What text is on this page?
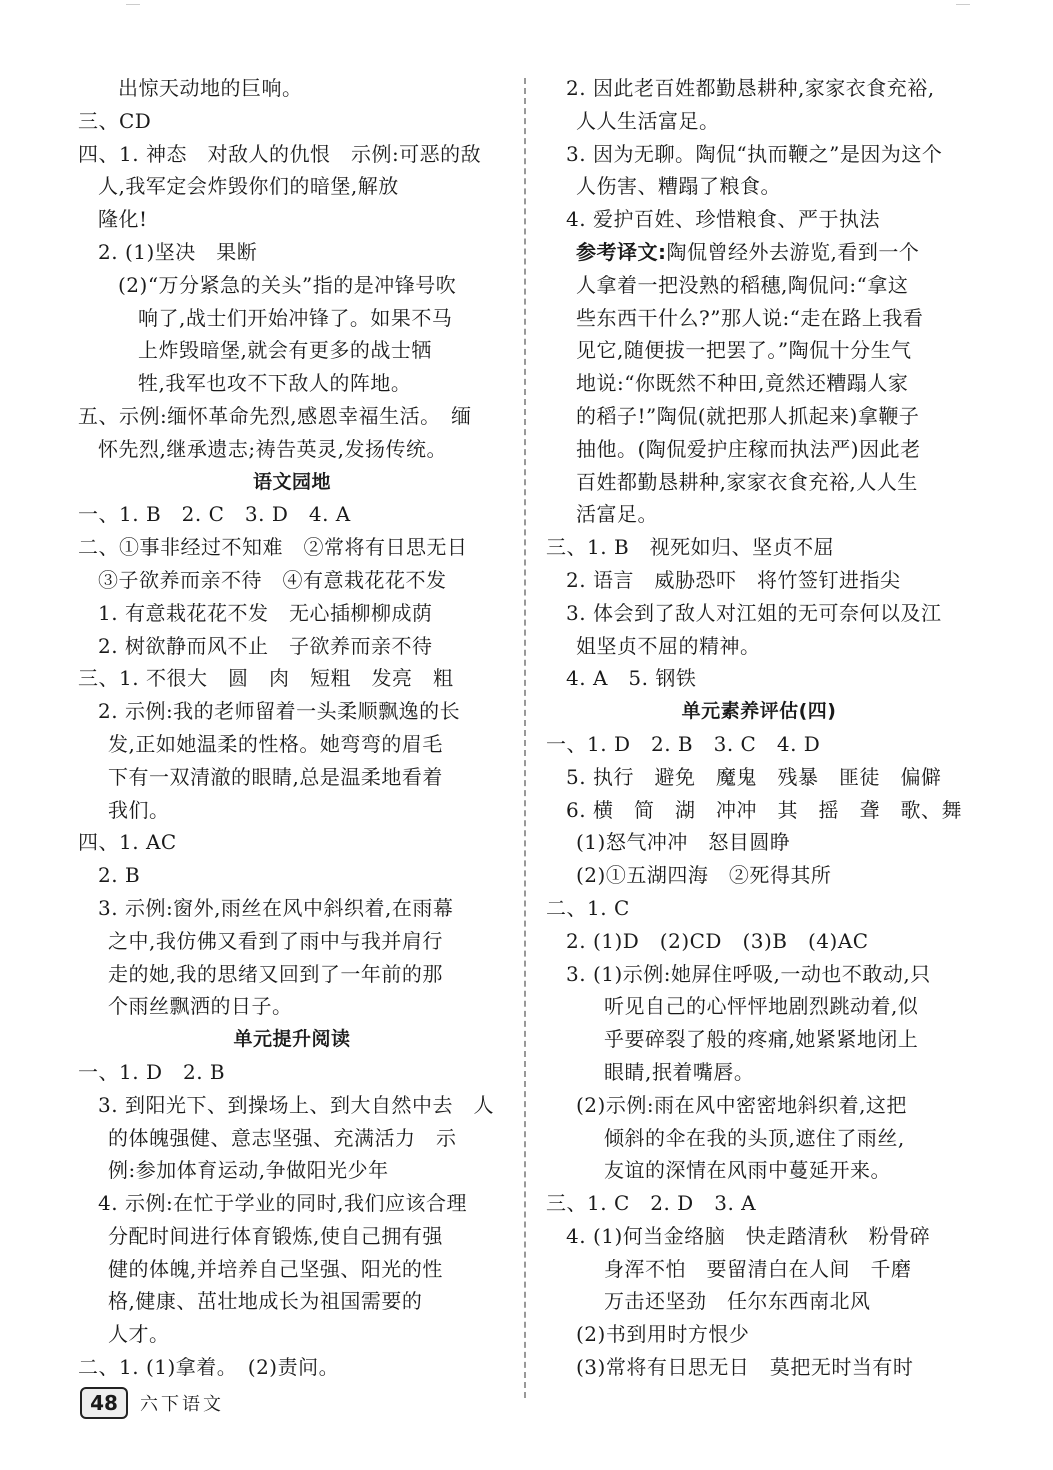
出惊天动地的巨响。
三、CD
四、1. 神态　对敌人的仇恨　示例:可恶的敌
人,我军定会炸毁你们的暗堡,解放
隆化!
2. (1)坚决　果断
(2)“万分紧急的关头”指的是冲锋号吹
响了,战士们开始冲锋了。如果不马
上炸毁暗堡,就会有更多的战士牺
牲,我军也攻不下敌人的阵地。
五、示例:缅怀革命先烈,感恩幸福生活。　缅
怀先烈,继承遗志;祷告英灵,发扬传统。
语文园地
一、1. B　2. C　3. D　4. A
二、①事非经过不知难　②常将有日思无日
③子欲养而亲不待　④有意栽花花不发
1. 有意栽花花不发　无心插柳柳成荫
2. 树欲静而风不止　子欲养而亲不待
三、1. 不很大　圆　肉　短粗　发亮　粗
2. 示例:我的老师留着一头柔顺飘逸的长
发,正如她温柔的性格。她弯弯的眉毛
下有一双清澈的眼睛,总是温柔地看着
我们。
四、1. AC
2. B
3. 示例:窗外,雨丝在风中斜织着,在雨幕
之中,我仿佛又看到了雨中与我并肩行
走的她,我的思绪又回到了一年前的那
个雨丝飘洒的日子。
单元提升阅读
一、1. D　2. B
3. 到阳光下、到操场上、到大自然中去　人
的体魄强健、意志坚强、充满活力　示
例:参加体育运动,争做阳光少年
4. 示例:在忙于学业的同时,我们应该合理
分配时间进行体育锻炼,使自己拥有强
健的体魄,并培养自己坚强、阳光的性
格,健康、茁壮地成长为祖国需要的
人才。
二、1. (1)拿着。　(2)责问。
2. 因此老百姓都勤恳耕种,家家衣食充裕,
人人生活富足。
3. 因为无聊。陶侃“执而鞭之”是因为这个
人伤害、糟蹋了粮食。
4. 爱护百姓、珍惜粮食、严于执法
参考译文:陶侃曾经外去游览,看到一个
人拿着一把没熟的稻穗,陶侃问:“拿这
些东西干什么?”那人说:“走在路上我看
见它,随便拔一把罢了。”陶侃十分生气
地说:“你既然不种田,竟然还糟蹋人家
的稻子!”陶侃(就把那人抓起来)拿鞭子
抽他。(陶侃爱护庄稼而执法严)因此老
百姓都勤恳耕种,家家衣食充裕,人人生
活富足。
三、1. B　视死如归、坚贞不屈
2. 语言　威胁恐吓　将竹签钉进指尖
3. 体会到了敌人对江姐的无可奈何以及江
姐坚贞不屈的精神。
4. A　5. 钢铁
单元素养评估(四)
一、1. D　2. B　3. C　4. D
5. 执行　避免　魔鬼　残暴　匪徒　偏僻
6. 横　简　湖　冲冲　其　摇　聋　歌、舞
(1)怒气冲冲　怒目圆睁
(2)①五湖四海　②死得其所
二、1. C
2. (1)D　(2)CD　(3)B　(4)AC
3. (1)示例:她屏住呼吸,一动也不敢动,只
听见自己的心怦怦地剧烈跳动着,似
乎要碎裂了般的疼痛,她紧紧地闭上
眼睛,抿着嘴唇。
(2)示例:雨在风中密密地斜织着,这把
倾斜的伞在我的头顶,遮住了雨丝,
友谊的深情在风雨中蔓延开来。
三、1. C　2. D　3. A
4. (1)何当金络脑　快走踏清秋　粉骨碎
身浑不怕　要留清白在人间　千磨
万击还坚劲　任尔东西南北风
(2)书到用时方恨少
(3)常将有日思无日　莫把无时当有时
48	六下语文
